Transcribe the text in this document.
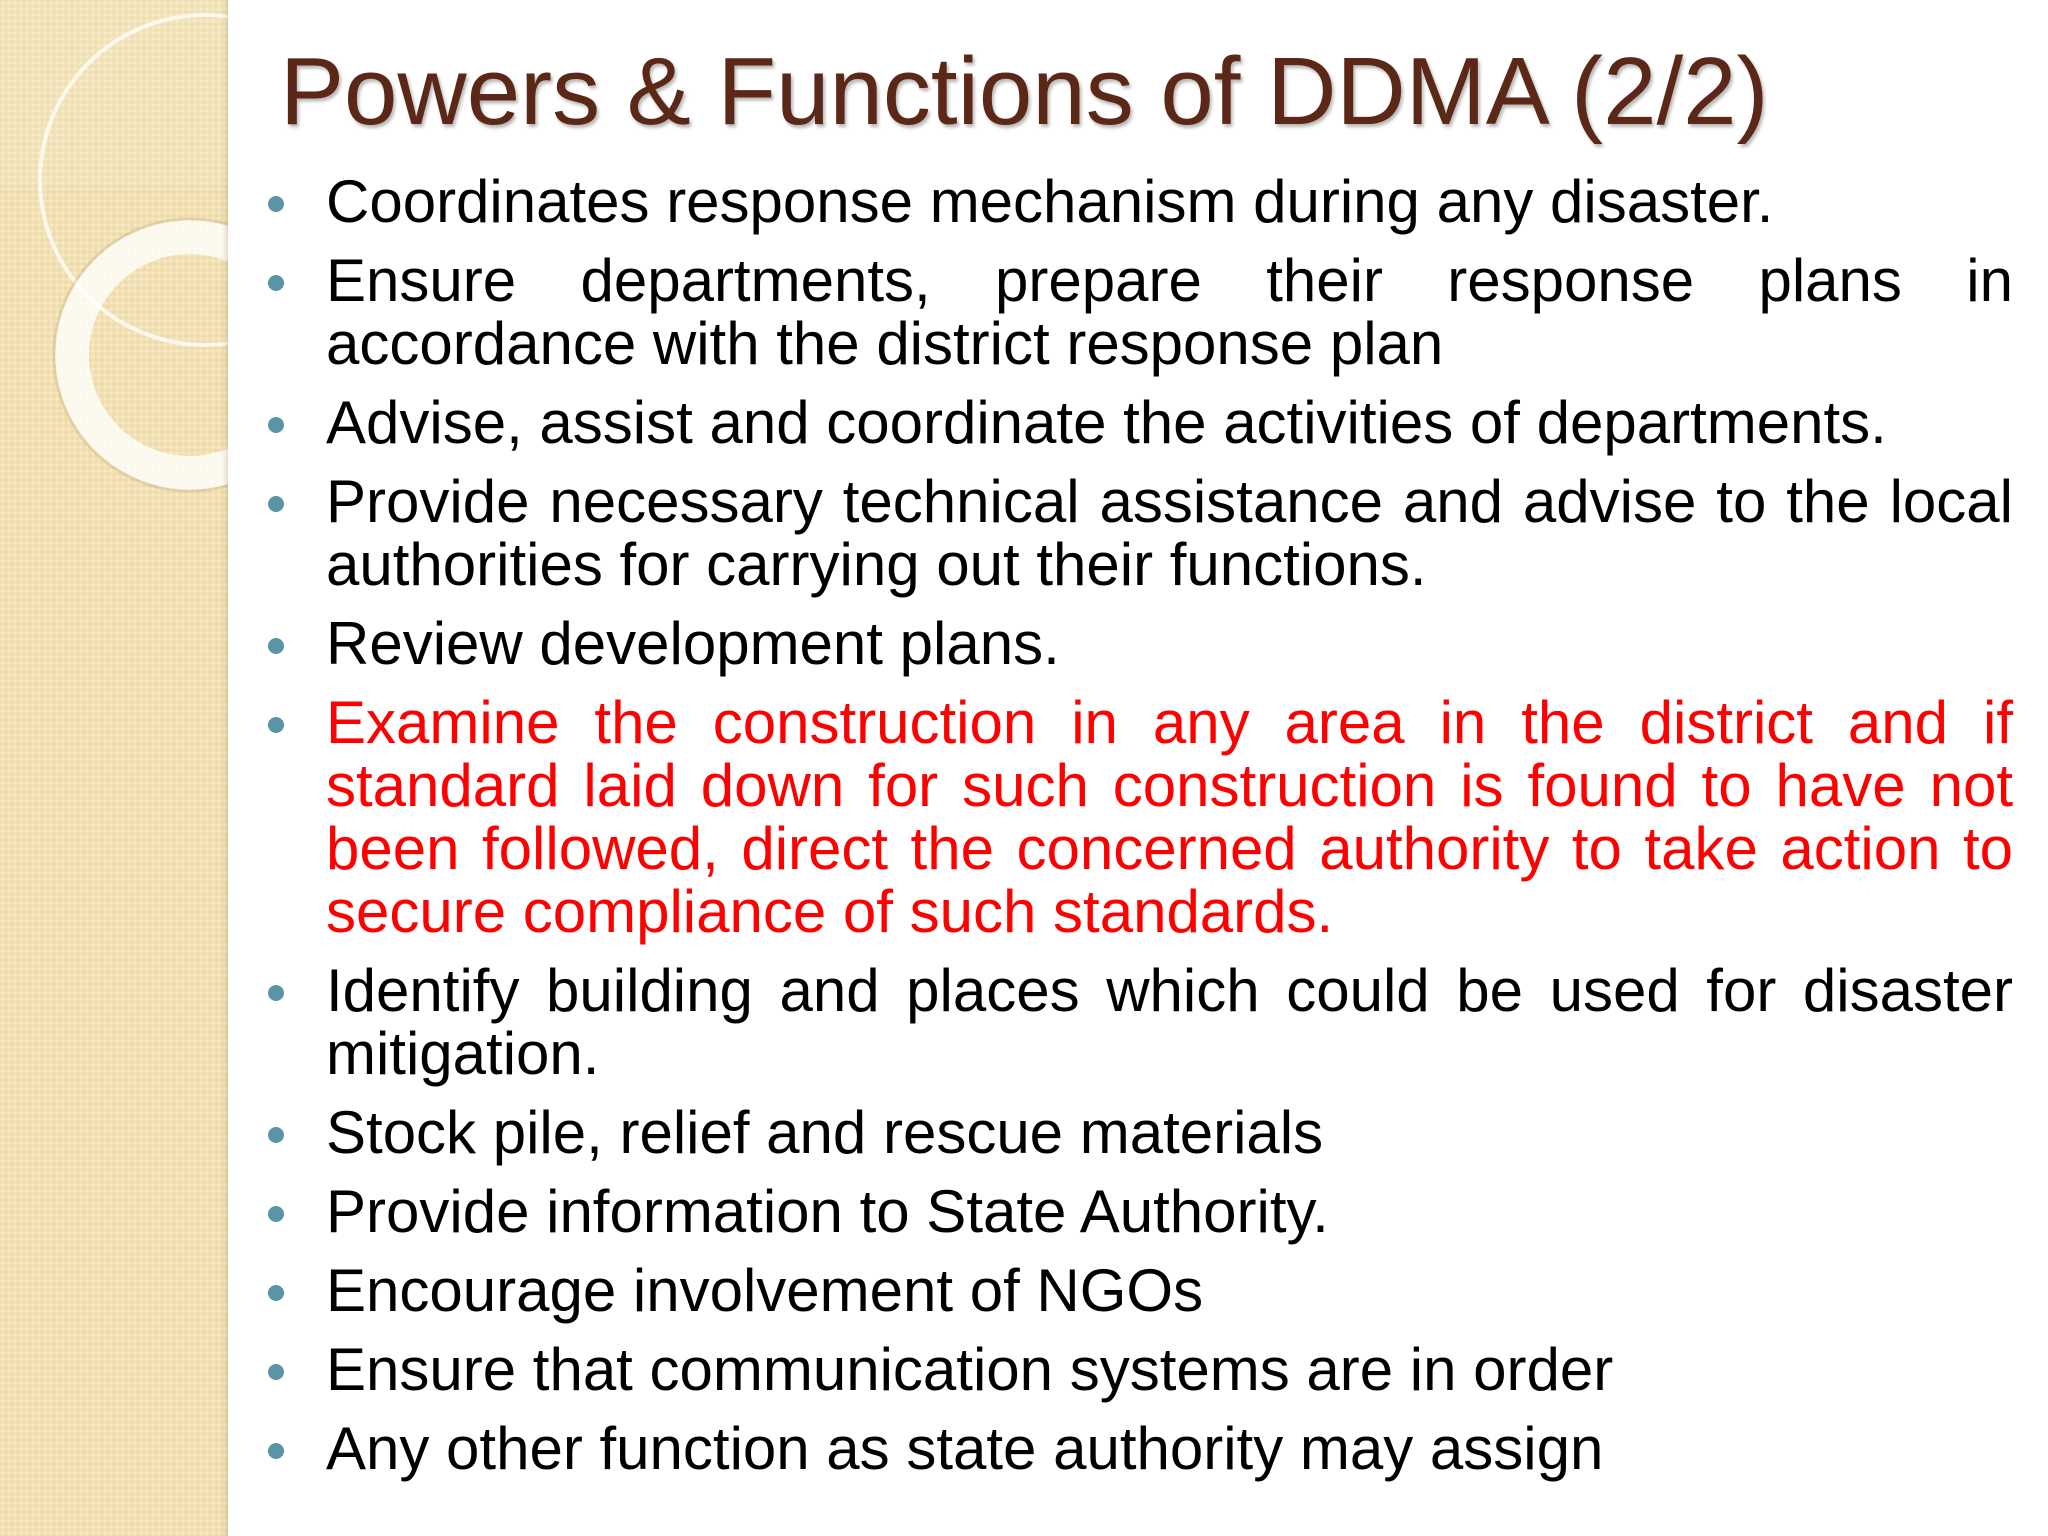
Powers & Functions of DDMA (2/2)
Coordinates response mechanism during any disaster.
Ensure departments, prepare their response plans in accordance with the district response plan
Advise, assist and coordinate the activities of departments.
Provide necessary technical assistance and advise to the local authorities for carrying out their functions.
Review development plans.
Examine the construction in any area in the district and if standard laid down for such construction is found to have not been followed, direct the concerned authority to take action to secure compliance of such standards.
Identify building and places which could be used for disaster mitigation.
Stock pile, relief and rescue materials
Provide information to State Authority.
Encourage involvement of NGOs
Ensure that communication systems are in order
Any other function as state authority may assign
